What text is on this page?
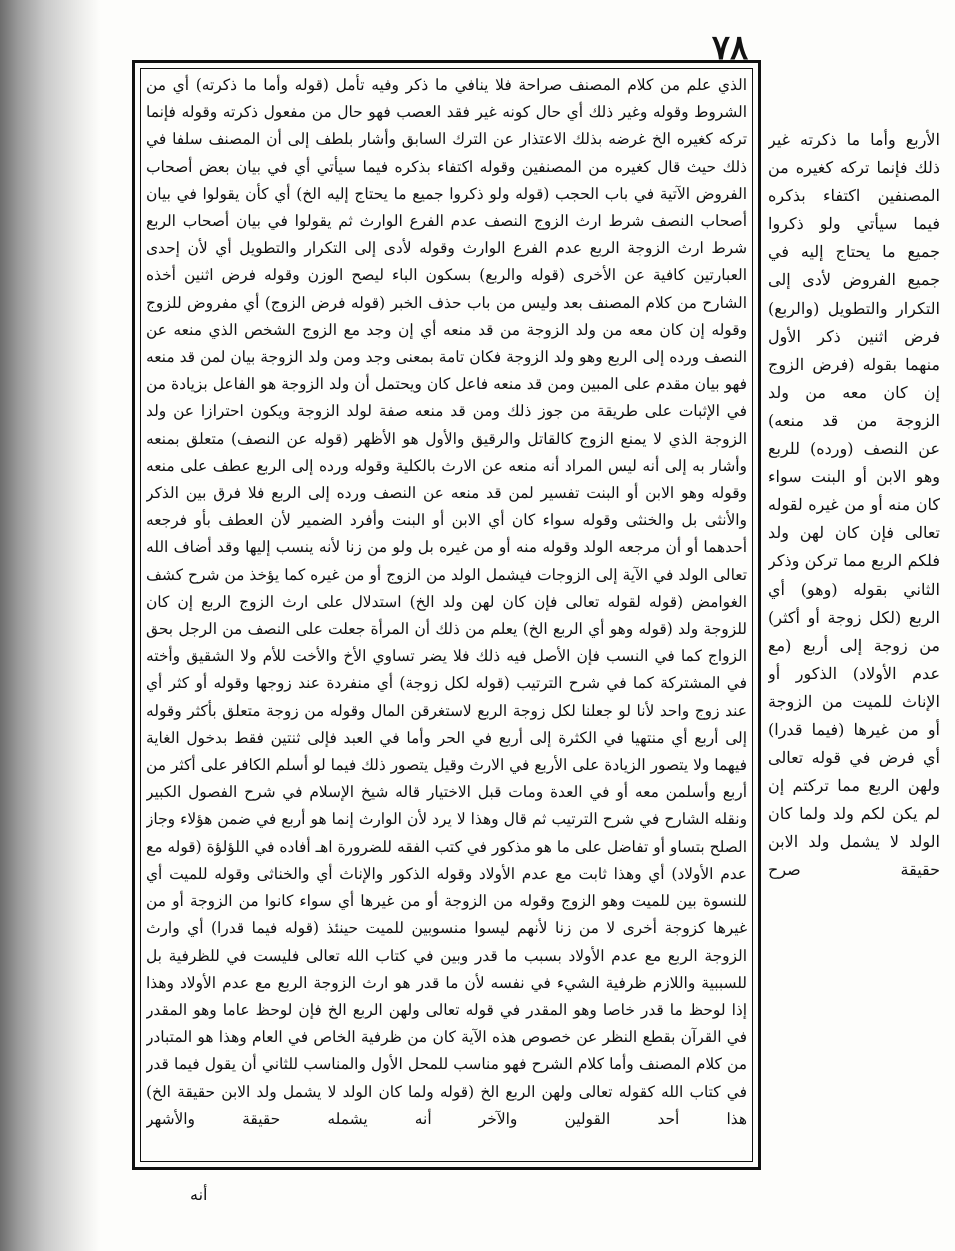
٧٨

الذي علم من كلام المصنف صراحة فلا ينافي ما ذكر وفيه تأمل (قوله وأما ما ذكرته) أي من الشروط وقوله وغير ذلك أي حال كونه غير فقد العصب فهو حال من مفعول ذكرته وقوله فإنما تركه كغيره الخ غرضه بذلك الاعتذار عن الترك السابق وأشار بلطف إلى أن المصنف سلفا في ذلك حيث قال كغيره من المصنفين وقوله اكتفاء بذكره فيما سيأتي أي في بيان بعض أصحاب الفروض الآتية في باب الحجب (قوله ولو ذكروا جميع ما يحتاج إليه الخ) أي كأن يقولوا في بيان أصحاب النصف شرط ارث الزوج النصف عدم الفرع الوارث ثم يقولوا في بيان أصحاب الربع شرط ارث الزوجة الربع عدم الفرع الوارث وقوله لأدى إلى التكرار والتطويل أي لأن إحدى العبارتين كافية عن الأخرى (قوله والربع) بسكون الباء ليصح الوزن وقوله فرض اثنين أخذه الشارح من كلام المصنف بعد وليس من باب حذف الخبر (قوله فرض الزوج) أي مفروض للزوج وقوله إن كان معه من ولد الزوجة من قد منعه أي إن وجد مع الزوج الشخص الذي منعه عن النصف ورده إلى الربع وهو ولد الزوجة فكان تامة بمعنى وجد ومن ولد الزوجة بيان لمن قد منعه فهو بيان مقدم على المبين ومن قد منعه فاعل كان ويحتمل أن ولد الزوجة هو الفاعل بزيادة من في الإثبات على طريقة من جوز ذلك ومن قد منعه صفة لولد الزوجة ويكون احترازا عن ولد الزوجة الذي لا يمنع الزوج كالقاتل والرقيق والأول هو الأظهر (قوله عن النصف) متعلق بمنعه وأشار به إلى أنه ليس المراد أنه منعه عن الارث بالكلية وقوله ورده إلى الربع عطف على منعه وقوله وهو الابن أو البنت تفسير لمن قد منعه عن النصف ورده إلى الربع فلا فرق بين الذكر والأنثى بل والخنثى وقوله سواء كان أي الابن أو البنت وأفرد الضمير لأن العطف بأو فرجعه أحدهما أو أن مرجعه الولد وقوله منه أو من غيره بل ولو من زنا لأنه ينسب إليها وقد أضاف الله تعالى الولد في الآية إلى الزوجات فيشمل الولد من الزوج أو من غيره كما يؤخذ من شرح كشف الغوامض (قوله لقوله تعالى فإن كان لهن ولد الخ) استدلال على ارث الزوج الربع إن كان للزوجة ولد (قوله وهو أي الربع الخ) يعلم من ذلك أن المرأة جعلت على النصف من الرجل بحق الزواج كما في النسب فإن الأصل فيه ذلك فلا يضر تساوي الأخ والأخت للأم ولا الشقيق وأخته في المشتركة كما في شرح الترتيب (قوله لكل زوجة) أي منفردة عند زوجها وقوله أو كثر أي عند زوج واحد لأنا لو جعلنا لكل زوجة الربع لاستغرقن المال وقوله من زوجة متعلق بأكثر وقوله إلى أربع أي منتهيا في الكثرة إلى أربع في الحر وأما في العبد فإلى ثنتين فقط بدخول الغاية فيهما ولا يتصور الزيادة على الأربع في الارث وقيل يتصور ذلك فيما لو أسلم الكافر على أكثر من أربع وأسلمن معه أو في العدة ومات قبل الاختيار قاله شيخ الإسلام في شرح الفصول الكبير ونقله الشارح في شرح الترتيب ثم قال وهذا لا يرد لأن الوارث إنما هو أربع في ضمن هؤلاء وجاز الصلح بتساو أو تفاضل على ما هو مذكور في كتب الفقه للضرورة اهـ أفاده في اللؤلؤة (قوله مع عدم الأولاد) أي وهذا ثابت مع عدم الأولاد وقوله الذكور والإناث أي والخناثى وقوله للميت أي للنسوة بين للميت وهو الزوج وقوله من الزوجة أو من غيرها أي سواء كانوا من الزوجة أو من غيرها كزوجة أخرى لا من زنا لأنهم ليسوا منسوبين للميت حينئذ (قوله فيما قدرا) أي وارث الزوجة الربع مع عدم الأولاد بسبب ما قدر وبين في كتاب الله تعالى فليست في للظرفية بل للسببية واللازم ظرفية الشيء في نفسه لأن ما قدر هو ارث الزوجة الربع مع عدم الأولاد وهذا إذا لوحظ ما قدر خاصا وهو المقدر في قوله تعالى ولهن الربع الخ فإن لوحظ عاما وهو المقدر في القرآن بقطع النظر عن خصوص هذه الآية كان من ظرفية الخاص في العام وهذا هو المتبادر من كلام المصنف وأما كلام الشرح فهو مناسب للمحل الأول والمناسب للثاني أن يقول فيما قدر في كتاب الله كقوله تعالى ولهن الربع الخ (قوله ولما كان الولد لا يشمل ولد الابن حقيقة الخ) هذا أحد القولين والآخر أنه يشمله حقيقة والأشهر

الأربع وأما ما ذكرته غير ذلك فإنما تركه كغيره من المصنفين اكتفاء بذكره فيما سيأتي ولو ذكروا جميع ما يحتاج إليه في جميع الفروض لأدى إلى التكرار والتطويل (والربع) فرض اثنين ذكر الأول منهما بقوله (فرض الزوج إن كان معه من ولد الزوجة من قد منعه)

عن النصف (ورده) للربع وهو الابن أو البنت سواء كان منه أو من غيره لقوله تعالى فإن كان لهن ولد فلكم الربع مما تركن وذكر الثاني بقوله (وهو) أي الربع (لكل زوجة أو أكثر) من زوجة إلى أربع (مع عدم الأولاد) الذكور أو الإناث للميت من الزوجة أو من غيرها (فيما قدرا) أي فرض في قوله تعالى ولهن الربع مما تركتم إن لم يكن لكم ولد ولما كان الولد لا يشمل ولد الابن حقيقة صرح

أنه
